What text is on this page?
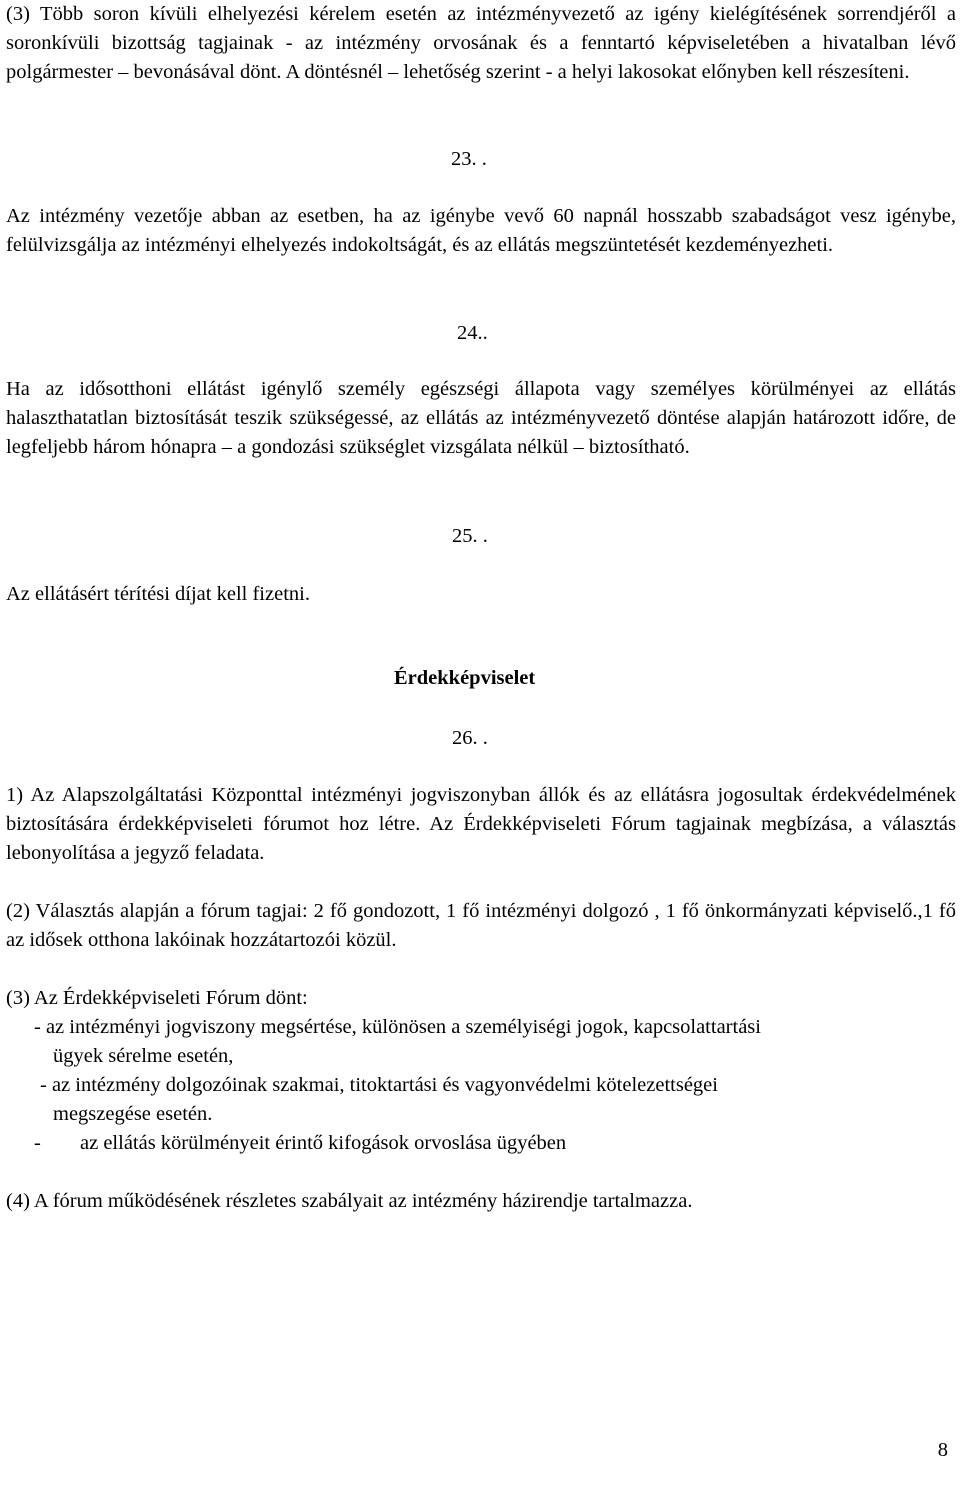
(3) Több soron kívüli elhelyezési kérelem esetén az intézményvezető az igény kielégítésének sorrendjéről a soronkívüli bizottság tagjainak - az intézmény orvosának és a fenntartó képviseletében a hivatalban lévő polgármester – bevonásával dönt. A döntésnél – lehetőség szerint - a helyi lakosokat előnyben kell részesíteni.

23. .

Az intézmény vezetője abban az esetben, ha az igénybe vevő 60 napnál hosszabb szabadságot vesz igénybe, felülvizsgálja az intézményi elhelyezés indokoltságát, és az ellátás megszüntetését kezdeményezheti.

24..

Ha az idősotthoni ellátást igénylő személy egészségi állapota vagy személyes körülményei az ellátás halaszthatatlan biztosítását teszik szükségessé, az ellátás az intézményvezető döntése alapján határozott időre, de legfeljebb három hónapra – a gondozási szükséglet vizsgálata nélkül – biztosítható.

25. .

Az ellátásért térítési díjat kell fizetni.

Érdekképviselet
26. .

1) Az Alapszolgáltatási Központtal intézményi jogviszonyban állók és az ellátásra jogosultak érdekvédelmének biztosítására érdekképviseleti fórumot hoz létre. Az Érdekképviseleti Fórum tagjainak megbízása, a választás lebonyolítása a jegyző feladata.

(2) Választás alapján a fórum tagjai: 2 fő gondozott, 1 fő intézményi dolgozó , 1 fő önkormányzati képviselő.,1 fő az idősek otthona lakóinak hozzátartozói közül.

(3) Az Érdekképviseleti Fórum dönt:
- az intézményi jogviszony megsértése, különösen a személyiségi jogok, kapcsolattartási
ügyek sérelme esetén,
- az intézmény dolgozóinak szakmai, titoktartási és vagyonvédelmi kötelezettségei
megszegése esetén.
- az ellátás körülményeit érintő kifogások orvoslása ügyében

(4) A fórum működésének részletes szabályait az intézmény házirendje tartalmazza.

8
